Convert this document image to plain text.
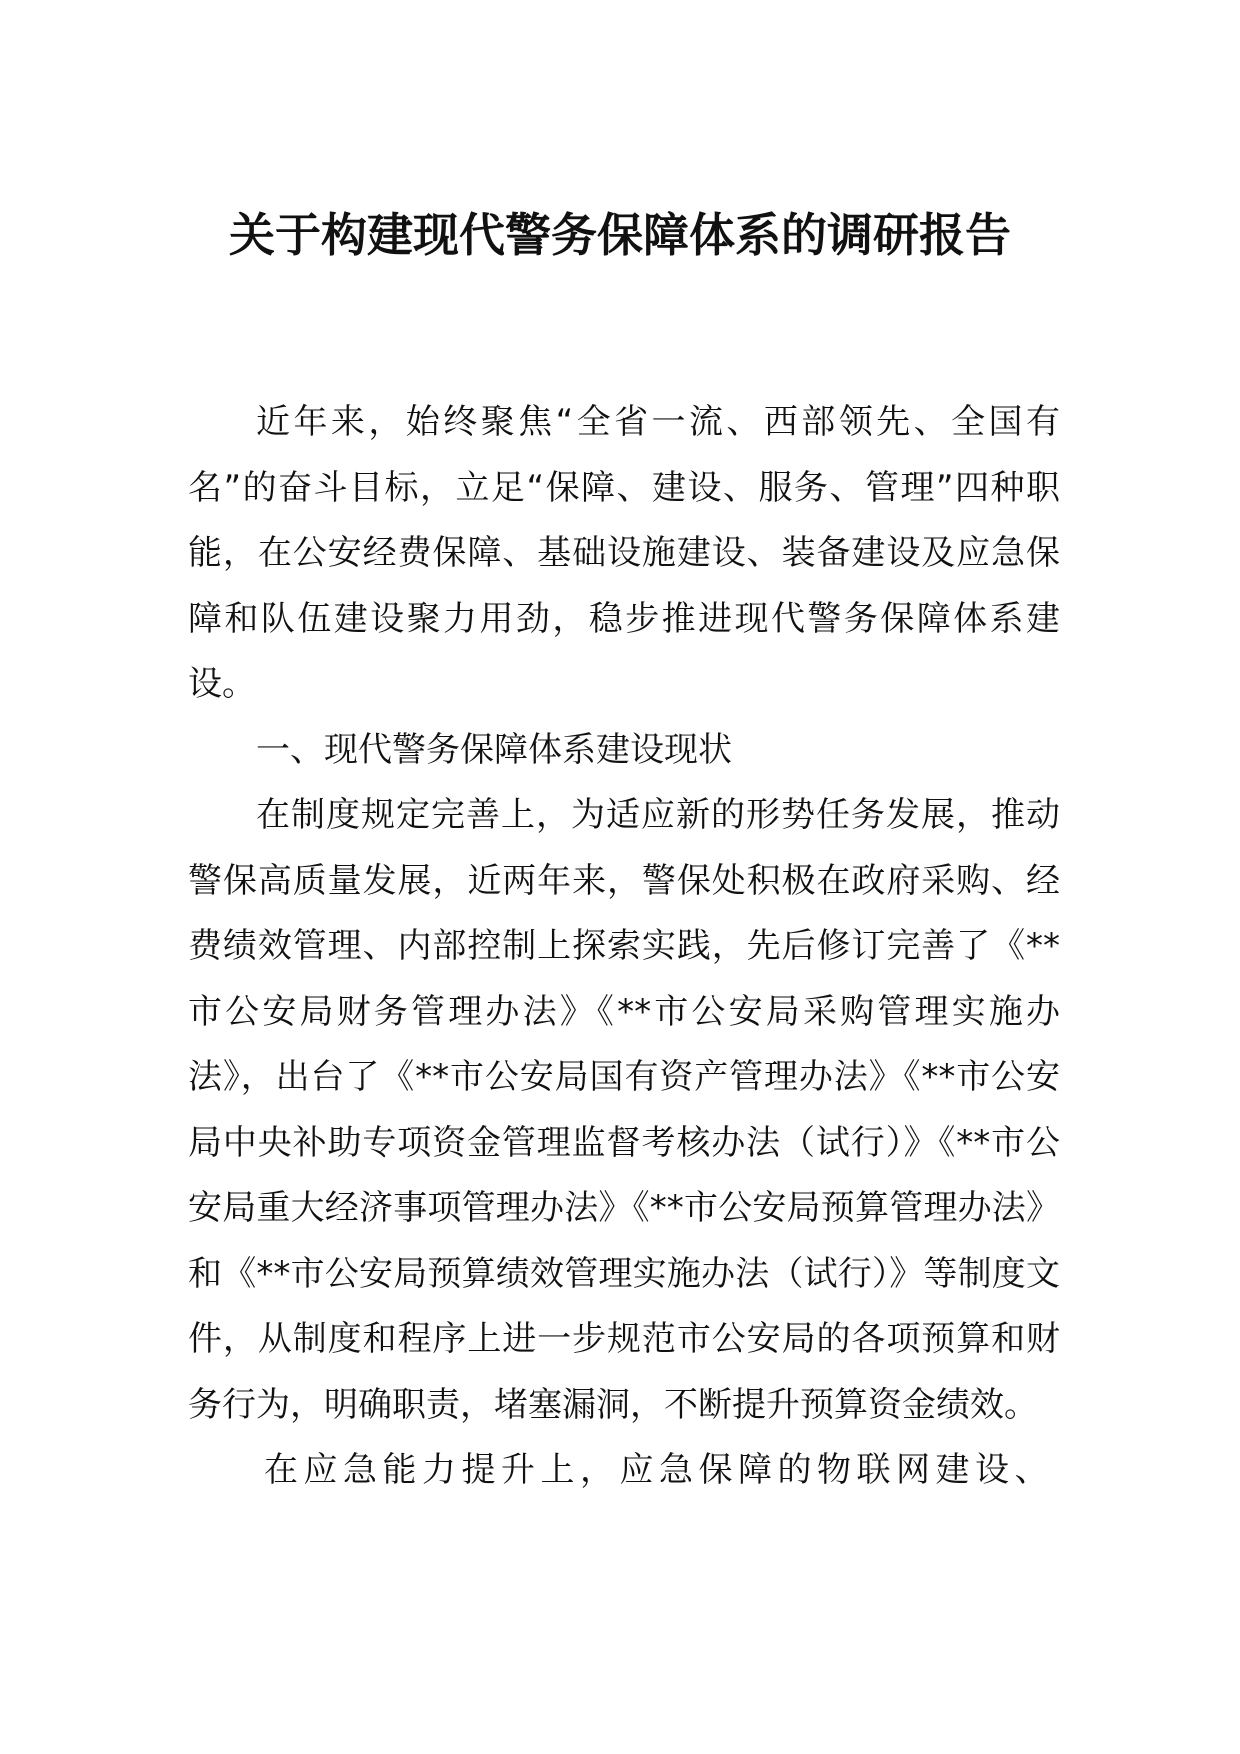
关于构建现代警务保障体系的调研报告

近年来，始终聚焦“全省一流、西部领先、全国有名”的奋斗目标，立足“保障、建设、服务、管理”四种职能，在公安经费保障、基础设施建设、装备建设及应急保障和队伍建设聚力用劲，稳步推进现代警务保障体系建设。

一、现代警务保障体系建设现状

在制度规定完善上，为适应新的形势任务发展，推动警保高质量发展，近两年来，警保处积极在政府采购、经费绩效管理、内部控制上探索实践，先后修订完善了《**市公安局财务管理办法》《**市公安局采购管理实施办法》，出台了《**市公安局国有资产管理办法》《**市公安局中央补助专项资金管理监督考核办法（试行）》《**市公安局重大经济事项管理办法》《**市公安局预算管理办法》和《**市公安局预算绩效管理实施办法（试行）》等制度文件，从制度和程序上进一步规范市公安局的各项预算和财务行为，明确职责，堵塞漏洞，不断提升预算资金绩效。

在应急能力提升上，应急保障的物联网建设、
